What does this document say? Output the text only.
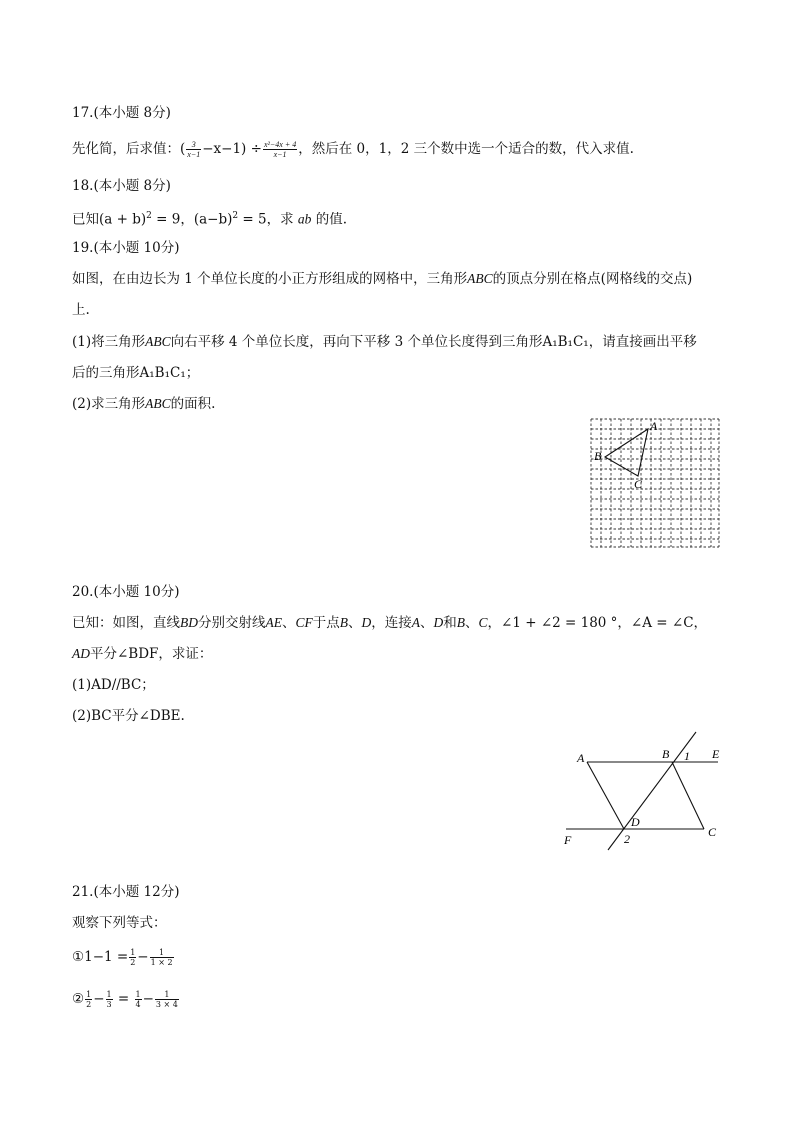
17.(本小题 8分)
先化简，后求值：( $\frac{3}{x-1} -x-1) \div \frac{\text{x²−4x + 4}}{x-1}$ ，然后在 0，1，2 三个数中选一个适合的数，代入求值.
18.(本小题 8分)
已知$(a + b)^2 = 9$，$(a-b)^2 = 5$，求 ab 的值.
19.(本小题 10分)
如图，在由边长为 1 个单位长度的小正方形组成的网格中，三角形ABC的顶点分别在格点(网格线的交点)
上.
(1)将三角形ABC向右平移 4 个单位长度，再向下平移 3 个单位长度得到三角形A₁B₁C₁，请直接画出平移
后的三角形A₁B₁C₁；
(2)求三角形ABC的面积.
A
B
C
20.(本小题 10分)
已知：如图，直线BD分别交射线AE、CF于点B、D，连接A、D和B、C，∠1 + ∠2 = 180 °，∠A = ∠C，
AD平分∠BDF，求证：
(1)AD//BC；
(2)BC平分∠DBE.
A	B 1 E
D
F	2	C
21.(本小题 12分)
观察下列等式：
①1−1 = $\frac{1}{2} - \frac{1}{1 \times 2}$
② $\frac{1}{2} - \frac{1}{3} = \frac{1}{4} - \frac{1}{3 \times 4}$
